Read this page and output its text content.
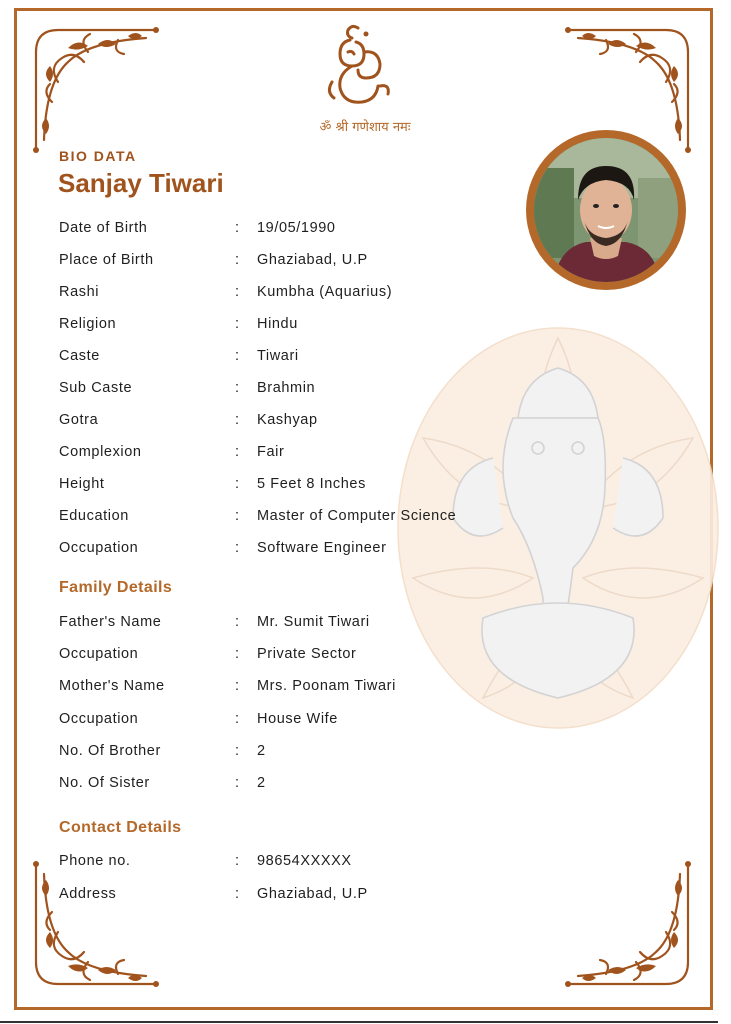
ॐ श्री गणेशाय नमः
BIO DATA
Sanjay Tiwari
Date of Birth	: 19/05/1990
Place of Birth	: Ghaziabad, U.P
Rashi	: Kumbha (Aquarius)
Religion	: Hindu
Caste	: Tiwari
Sub Caste	: Brahmin
Gotra	: Kashyap
Complexion	: Fair
Height	: 5 Feet 8 Inches
Education	: Master of Computer Science
Occupation	: Software Engineer
Family Details
Father's Name	: Mr. Sumit Tiwari
Occupation	: Private Sector
Mother's Name	: Mrs. Poonam Tiwari
Occupation	: House Wife
No. Of Brother	: 2
No. Of Sister	: 2
Contact Details
Phone no.	: 98654XXXXX
Address	: Ghaziabad, U.P
